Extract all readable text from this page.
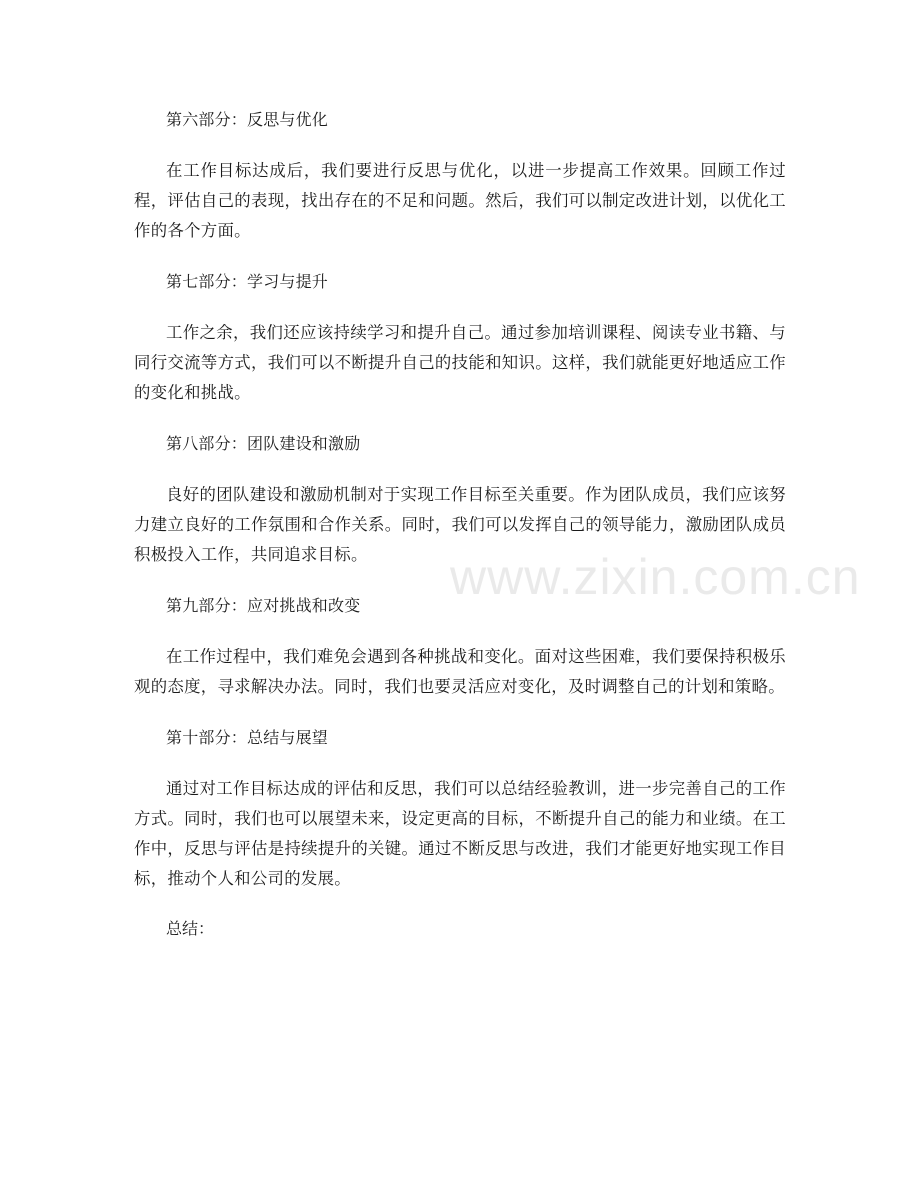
第六部分：反思与优化

在工作目标达成后，我们要进行反思与优化，以进一步提高工作效果。回顾工作过程，评估自己的表现，找出存在的不足和问题。然后，我们可以制定改进计划，以优化工作的各个方面。

第七部分：学习与提升

工作之余，我们还应该持续学习和提升自己。通过参加培训课程、阅读专业书籍、与同行交流等方式，我们可以不断提升自己的技能和知识。这样，我们就能更好地适应工作的变化和挑战。

第八部分：团队建设和激励

良好的团队建设和激励机制对于实现工作目标至关重要。作为团队成员，我们应该努力建立良好的工作氛围和合作关系。同时，我们可以发挥自己的领导能力，激励团队成员积极投入工作，共同追求目标。

第九部分：应对挑战和改变

在工作过程中，我们难免会遇到各种挑战和变化。面对这些困难，我们要保持积极乐观的态度，寻求解决办法。同时，我们也要灵活应对变化，及时调整自己的计划和策略。

第十部分：总结与展望

通过对工作目标达成的评估和反思，我们可以总结经验教训，进一步完善自己的工作方式。同时，我们也可以展望未来，设定更高的目标，不断提升自己的能力和业绩。在工作中，反思与评估是持续提升的关键。通过不断反思与改进，我们才能更好地实现工作目标，推动个人和公司的发展。

总结：

www.zixin.com.cn
